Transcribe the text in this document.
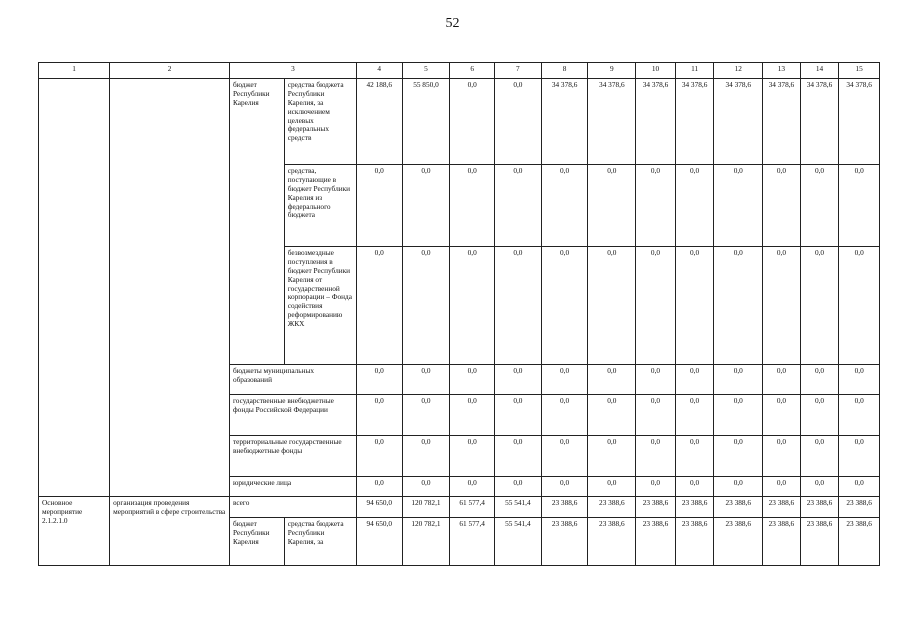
52
1	2	3		4	5	6	7	8	9	10	11	12	13	14	15
		бюджет Республики Карелия	средства бюджета Республики Карелия, за исключением целевых федеральных средств	42 188,6	55 850,0	0,0	0,0	34 378,6	34 378,6	34 378,6	34 378,6	34 378,6	34 378,6	34 378,6	34 378,6
			средства, поступающие в бюджет Республики Карелия из федерального бюджета	0,0	0,0	0,0	0,0	0,0	0,0	0,0	0,0	0,0	0,0	0,0	0,0
			безвозмездные поступления в бюджет Республики Карелия от государственной корпорации – Фонда содействия реформированию ЖКХ	0,0	0,0	0,0	0,0	0,0	0,0	0,0	0,0	0,0	0,0	0,0	0,0
		бюджеты муниципальных образований		0,0	0,0	0,0	0,0	0,0	0,0	0,0	0,0	0,0	0,0	0,0	0,0
		государственные внебюджетные фонды Российской Федерации		0,0	0,0	0,0	0,0	0,0	0,0	0,0	0,0	0,0	0,0	0,0	0,0
		территориальные государственные внебюджетные фонды		0,0	0,0	0,0	0,0	0,0	0,0	0,0	0,0	0,0	0,0	0,0	0,0
		юридические лица		0,0	0,0	0,0	0,0	0,0	0,0	0,0	0,0	0,0	0,0	0,0	0,0
Основное мероприятие 2.1.2.1.0	организация проведения мероприятий в сфере строительства	всего		94 650,0	120 782,1	61 577,4	55 541,4	23 388,6	23 388,6	23 388,6	23 388,6	23 388,6	23 388,6	23 388,6	23 388,6
		бюджет Республики Карелия	средства бюджета Республики Карелия, за	94 650,0	120 782,1	61 577,4	55 541,4	23 388,6	23 388,6	23 388,6	23 388,6	23 388,6	23 388,6	23 388,6	23 388,6
